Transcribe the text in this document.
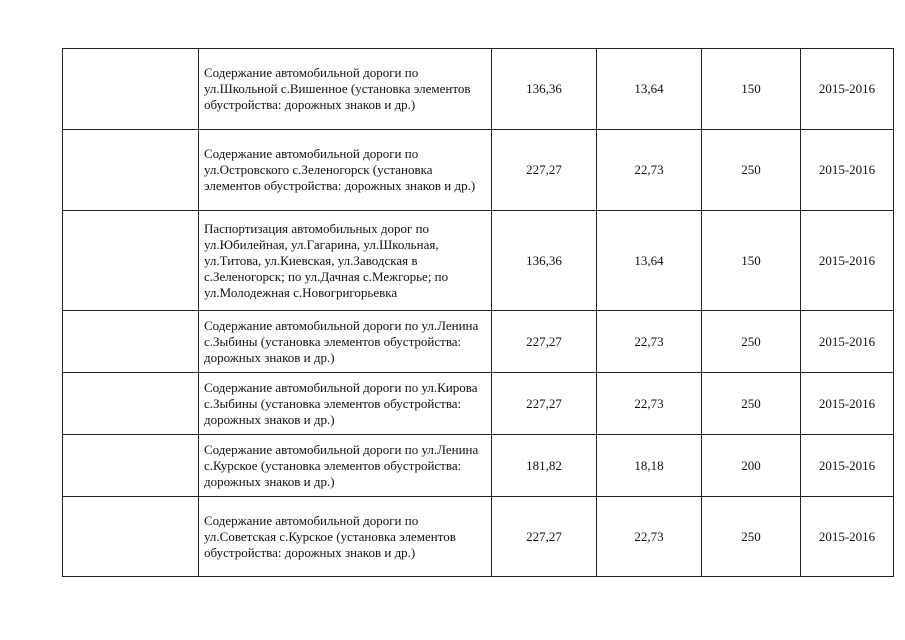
	Содержание автомобильной дороги по ул.Школьной с.Вишенное (установка элементов обустройства: дорожных знаков и др.)	136,36	13,64	150	2015-2016
	Содержание автомобильной дороги по ул.Островского с.Зеленогорск (установка элементов обустройства: дорожных знаков и др.)	227,27	22,73	250	2015-2016
	Паспортизация автомобильных дорог по ул.Юбилейная, ул.Гагарина, ул.Школьная, ул.Титова, ул.Киевская, ул.Заводская в с.Зеленогорск; по ул.Дачная с.Межгорье; по ул.Молодежная с.Новогригорьевка	136,36	13,64	150	2015-2016
	Содержание автомобильной дороги по ул.Ленина с.Зыбины (установка элементов обустройства: дорожных знаков и др.)	227,27	22,73	250	2015-2016
	Содержание автомобильной дороги по ул.Кирова с.Зыбины (установка элементов обустройства: дорожных знаков и др.)	227,27	22,73	250	2015-2016
	Содержание автомобильной дороги по ул.Ленина с.Курское (установка элементов обустройства: дорожных знаков и др.)	181,82	18,18	200	2015-2016
	Содержание автомобильной дороги по ул.Советская с.Курское (установка элементов обустройства: дорожных знаков и др.)	227,27	22,73	250	2015-2016
